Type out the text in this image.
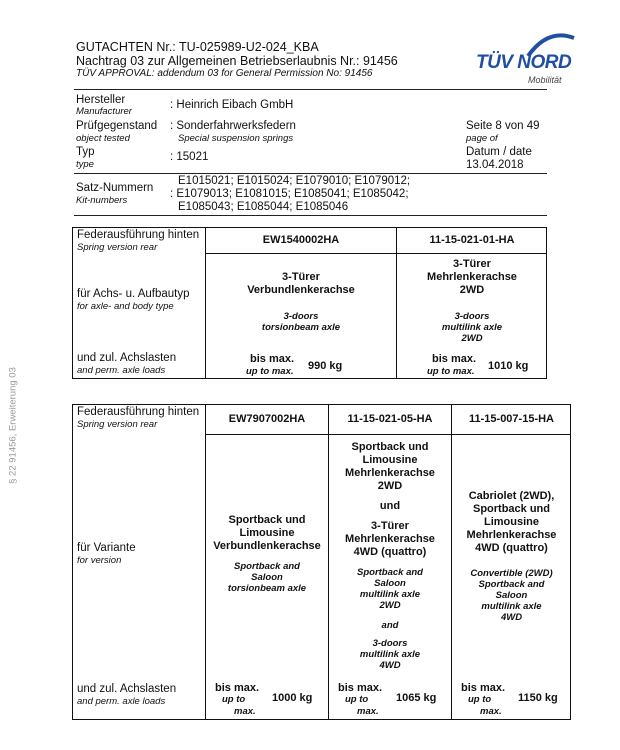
§ 22 91456, Erweiterung 03
GUTACHTEN Nr.: TU-025989-U2-024_KBA
Nachtrag 03 zur Allgemeinen Betriebserlaubnis Nr.: 91456
TÜV APPROVAL: addendum 03 for General Permission No: 91456
TÜV NORD
Mobilität
Hersteller
Manufacturer
: Heinrich Eibach GmbH
Prüfgegenstand
object tested
: Sonderfahrwerksfedern
Special suspension springs
Typ
type
: 15021
Seite 8 von 49
page of
Datum / date
13.04.2018
Satz-Nummern
Kit-numbers
E1015021; E1015024; E1079010; E1079012;
: E1079013; E1081015; E1085041; E1085042;
E1085043; E1085044; E1085046
Federausführung hinten
Spring version rear
für Achs- u. Aufbautyp
for axle- and body type
und zul. Achslasten
and perm. axle loads
EW1540002HA
3-Türer
Verbundlenkerachse
3-doors
torsionbeam axle
bis max.
up to max. 990 kg
11-15-021-01-HA
3-Türer
Mehrlenkerachse
2WD
3-doors
multilink axle
2WD
bis max.
up to max. 1010 kg
Federausführung hinten
Spring version rear
für Variante
for version
und zul. Achslasten
and perm. axle loads
EW7907002HA
Sportback und
Limousine
Verbundlenkerachse
Sportback and
Saloon
torsionbeam axle
bis max.
up to
max.
1000 kg
11-15-021-05-HA
Sportback und
Limousine
Mehrlenkerachse
2WD
und
3-Türer
Mehrlenkerachse
4WD (quattro)
Sportback and
Saloon
multilink axle
2WD
and
3-doors
multilink axle
4WD
bis max.
up to
max.
1065 kg
11-15-007-15-HA
Cabriolet (2WD),
Sportback und
Limousine
Mehrlenkerachse
4WD (quattro)
Convertible (2WD)
Sportback and
Saloon
multilink axle
4WD
bis max.
up to
max.
1150 kg
